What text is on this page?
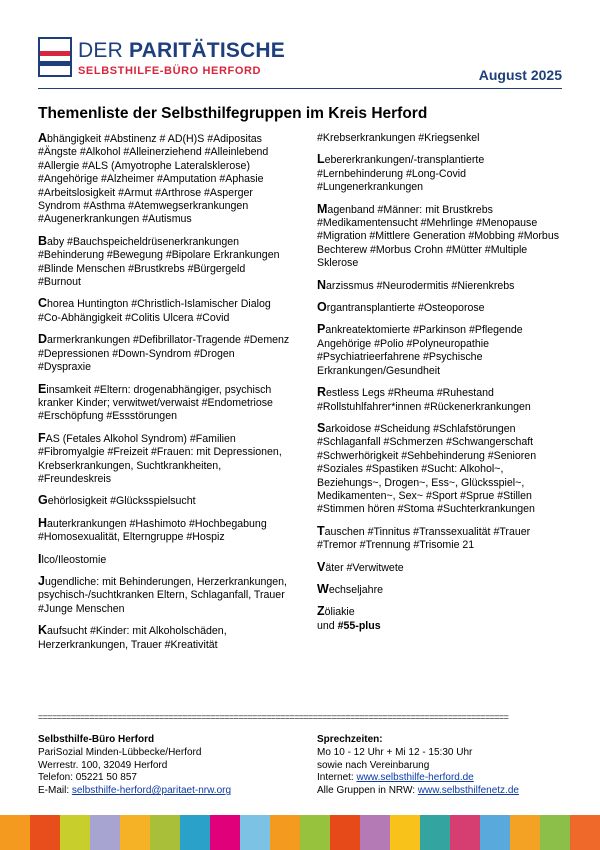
DER PARITÄTISCHE
SELBSTHILFE-BÜRO HERFORD	August 2025
Themenliste der Selbsthilfegruppen im Kreis Herford
Abhängigkeit #Abstinenz # AD(H)S #Adipositas #Ängste #Alkohol #Alleinerziehend #Alleinlebend #Allergie #ALS (Amyotrophe Lateralsklerose) #Angehörige #Alzheimer #Amputation #Aphasie #Arbeitslosigkeit #Armut #Arthrose #Asperger Syndrom #Asthma #Atemwegserkrankungen #Augenerkrankungen #Autismus
Baby #Bauchspeicheldrüsenerkrankungen #Behinderung #Bewegung #Bipolare Erkrankungen #Blinde Menschen #Brustkrebs #Bürgergeld #Burnout
Chorea Huntington #Christlich-Islamischer Dialog #Co-Abhängigkeit #Colitis Ulcera #Covid
Darmerkrankungen #Defibrillator-Tragende #Demenz #Depressionen #Down-Syndrom #Drogen #Dyspraxie
Einsamkeit #Eltern: drogenabhängiger, psychisch kranker Kinder; verwitwet/verwaist #Endometriose #Erschöpfung #Essstörungen
FAS (Fetales Alkohol Syndrom) #Familien #Fibromyalgie #Freizeit #Frauen: mit Depressionen, Krebserkrankungen, Suchtkrankheiten, #Freundeskreis
Gehörlosigkeit #Glücksspielsucht
Hauterkrankungen #Hashimoto #Hochbegabung #Homosexualität, Elterngruppe #Hospiz
Ilco/Ileostomie
Jugendliche: mit Behinderungen, Herzerkrankungen, psychisch-/suchtkranken Eltern, Schlaganfall, Trauer #Junge Menschen
Kaufsucht #Kinder: mit Alkoholschäden, Herzerkrankungen, Trauer #Kreativität
#Krebserkrankungen #Kriegsenkel
Lebererkrankungen/-transplantierte #Lernbehinderung #Long-Covid #Lungenerkrankungen
Magenband #Männer: mit Brustkrebs #Medikamentensucht #Mehrlinge #Menopause #Migration #Mittlere Generation #Mobbing #Morbus Bechterew #Morbus Crohn #Mütter #Multiple Sklerose
Narzissmus #Neurodermitis #Nierenkrebs
Organtransplantierte #Osteoporose
Pankreatektomierte #Parkinson #Pflegende Angehörige #Polio #Polyneuropathie #Psychiatrieerfahrene #Psychische Erkrankungen/Gesundheit
Restless Legs #Rheuma #Ruhestand #Rollstuhlfahrer*innen #Rückenerkrankungen
Sarkoidose #Scheidung #Schlafstörungen #Schlaganfall #Schmerzen #Schwangerschaft #Schwerhörigkeit #Sehbehinderung #Senioren #Soziales #Spastiken #Sucht: Alkohol~, Beziehungs~, Drogen~, Ess~, Glücksspiel~, Medikamenten~, Sex~ #Sport #Sprue #Stillen #Stimmen hören #Stoma #Suchterkrankungen
Tauschen #Tinnitus #Transsexualität #Trauer #Tremor #Trennung #Trisomie 21
Väter #Verwitwete
Wechseljahre
Zöliakie
und #55-plus
=====================================================================================================
Selbsthilfe-Büro Herford
PariSozial Minden-Lübbecke/Herford
Werrestr. 100, 32049 Herford
Telefon: 05221 50 857
E-Mail: selbsthilfe-herford@paritaet-nrw.org
Sprechzeiten:
Mo 10 - 12 Uhr + Mi 12 - 15:30 Uhr
sowie nach Vereinbarung
Internet: www.selbsthilfe-herford.de
Alle Gruppen in NRW: www.selbsthilfenetz.de
